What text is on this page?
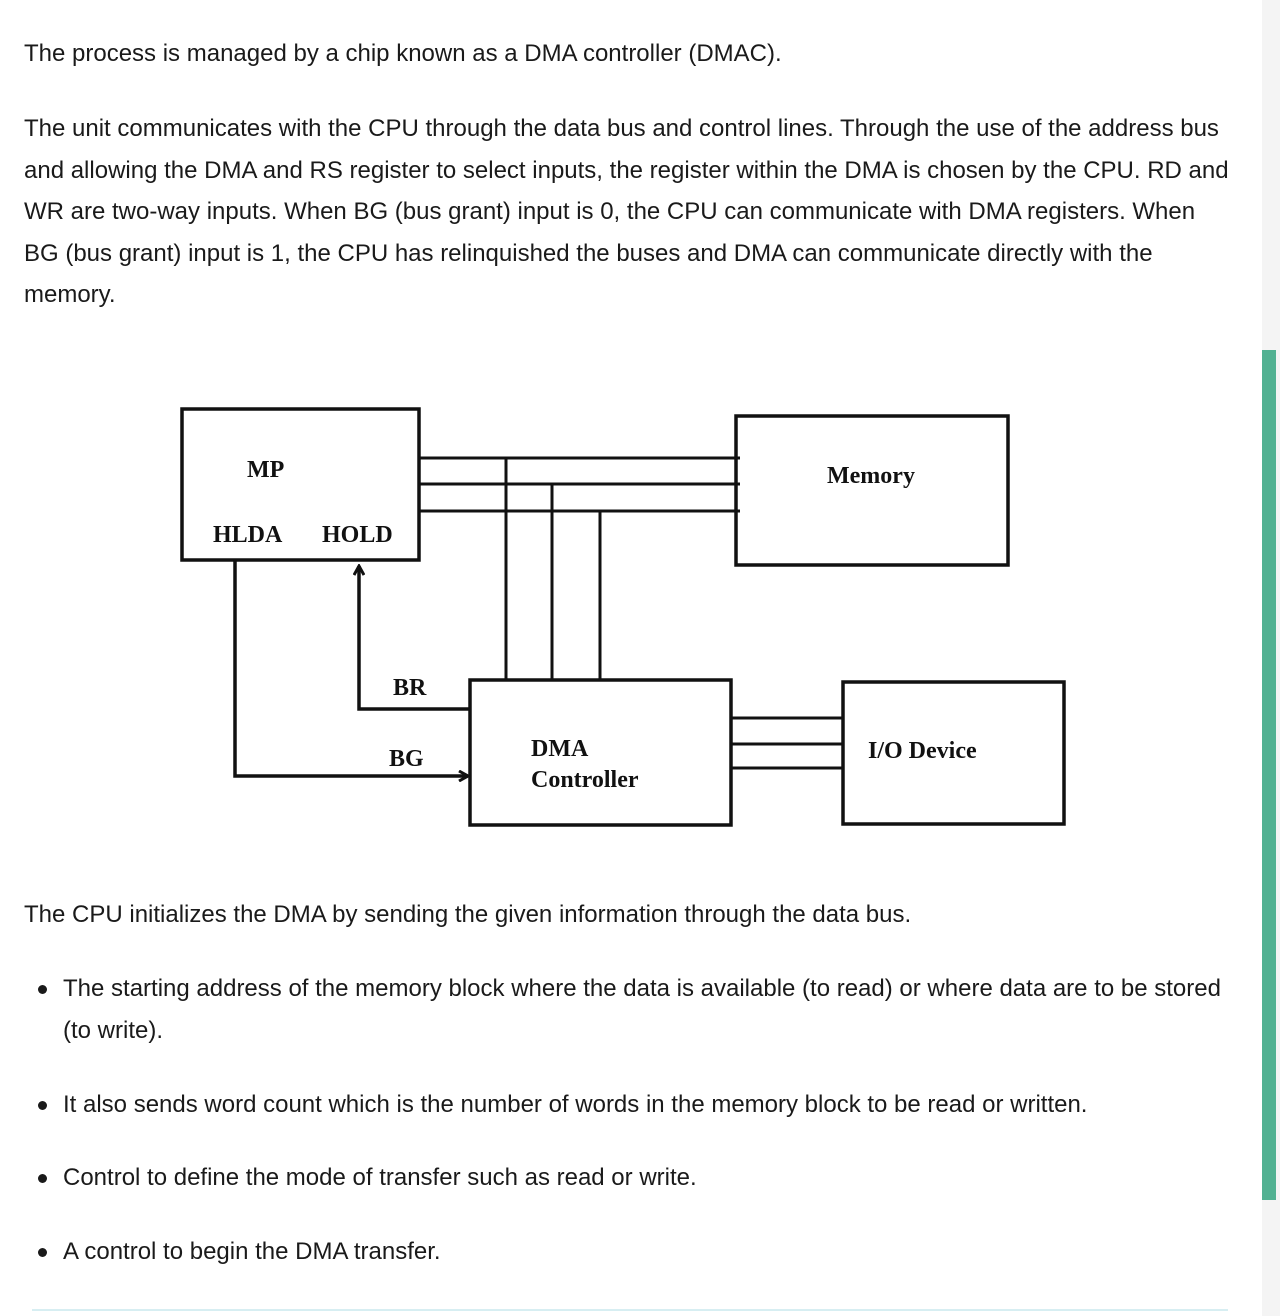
The process is managed by a chip known as a DMA controller (DMAC).

The unit communicates with the CPU through the data bus and control lines. Through the use of the address bus and allowing the DMA and RS register to select inputs, the register within the DMA is chosen by the CPU. RD and WR are two-way inputs. When BG (bus grant) input is 0, the CPU can communicate with DMA registers. When BG (bus grant) input is 1, the CPU has relinquished the buses and DMA can communicate directly with the memory.

The CPU initializes the DMA by sending the given information through the data bus.

The starting address of the memory block where the data is available (to read) or where data are to be stored (to write).
It also sends word count which is the number of words in the memory block to be read or written.
Control to define the mode of transfer such as read or write.
A control to begin the DMA transfer.
MP
HLDA HOLD
Memory
BR
BG	DMA
Controller
I/O Device
